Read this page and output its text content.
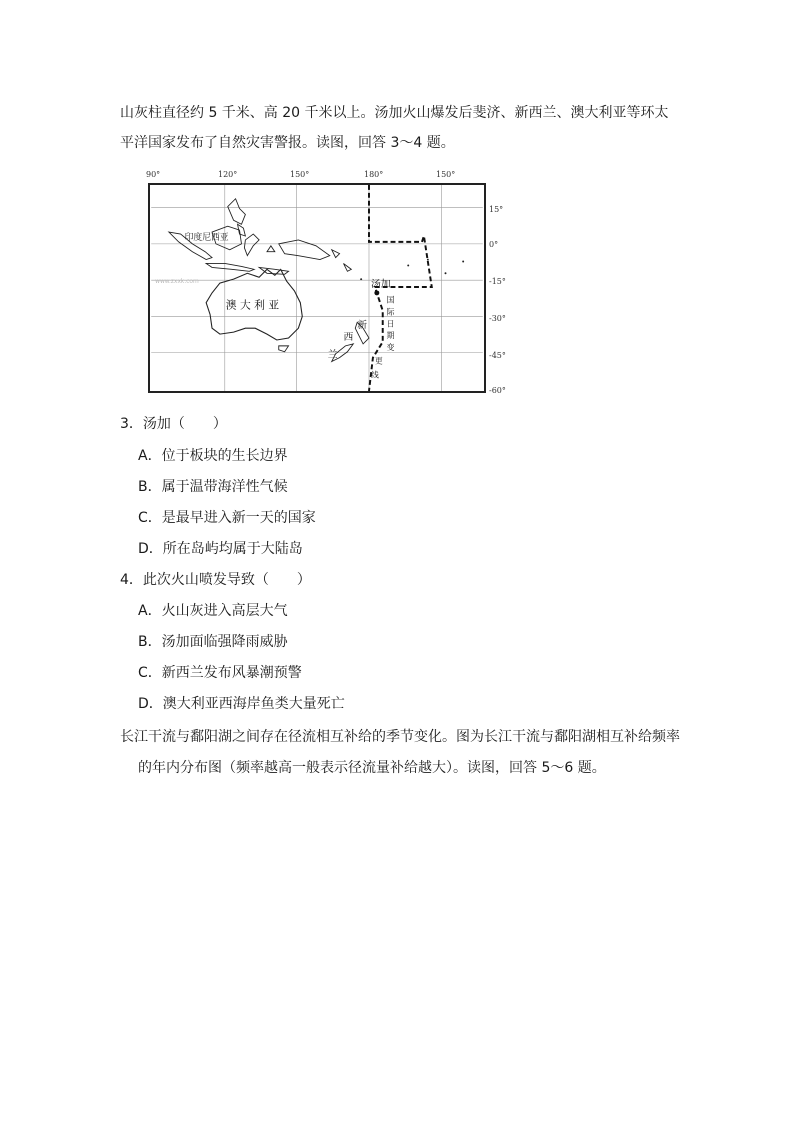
山灰柱直径约 5 千米、高 20 千米以上。汤加火山爆发后斐济、新西兰、澳大利亚等环太
平洋国家发布了自然灾害警报。读图，回答 3～4 题。
90°	120°	150°	180°	150°
15°
0°
-15°
-30°
-45°
-60°
印度尼西亚
澳 大 利 亚
汤加
新
西
兰
国
际
日
期
变
更
线
www.zxxk.com
3．汤加（　　）
A．位于板块的生长边界
B．属于温带海洋性气候
C．是最早进入新一天的国家
D．所在岛屿均属于大陆岛
4．此次火山喷发导致（　　）
A．火山灰进入高层大气
B．汤加面临强降雨威胁
C．新西兰发布风暴潮预警
D．澳大利亚西海岸鱼类大量死亡
长江干流与鄱阳湖之间存在径流相互补给的季节变化。图为长江干流与鄱阳湖相互补给频率
的年内分布图（频率越高一般表示径流量补给越大）。读图，回答 5～6 题。
